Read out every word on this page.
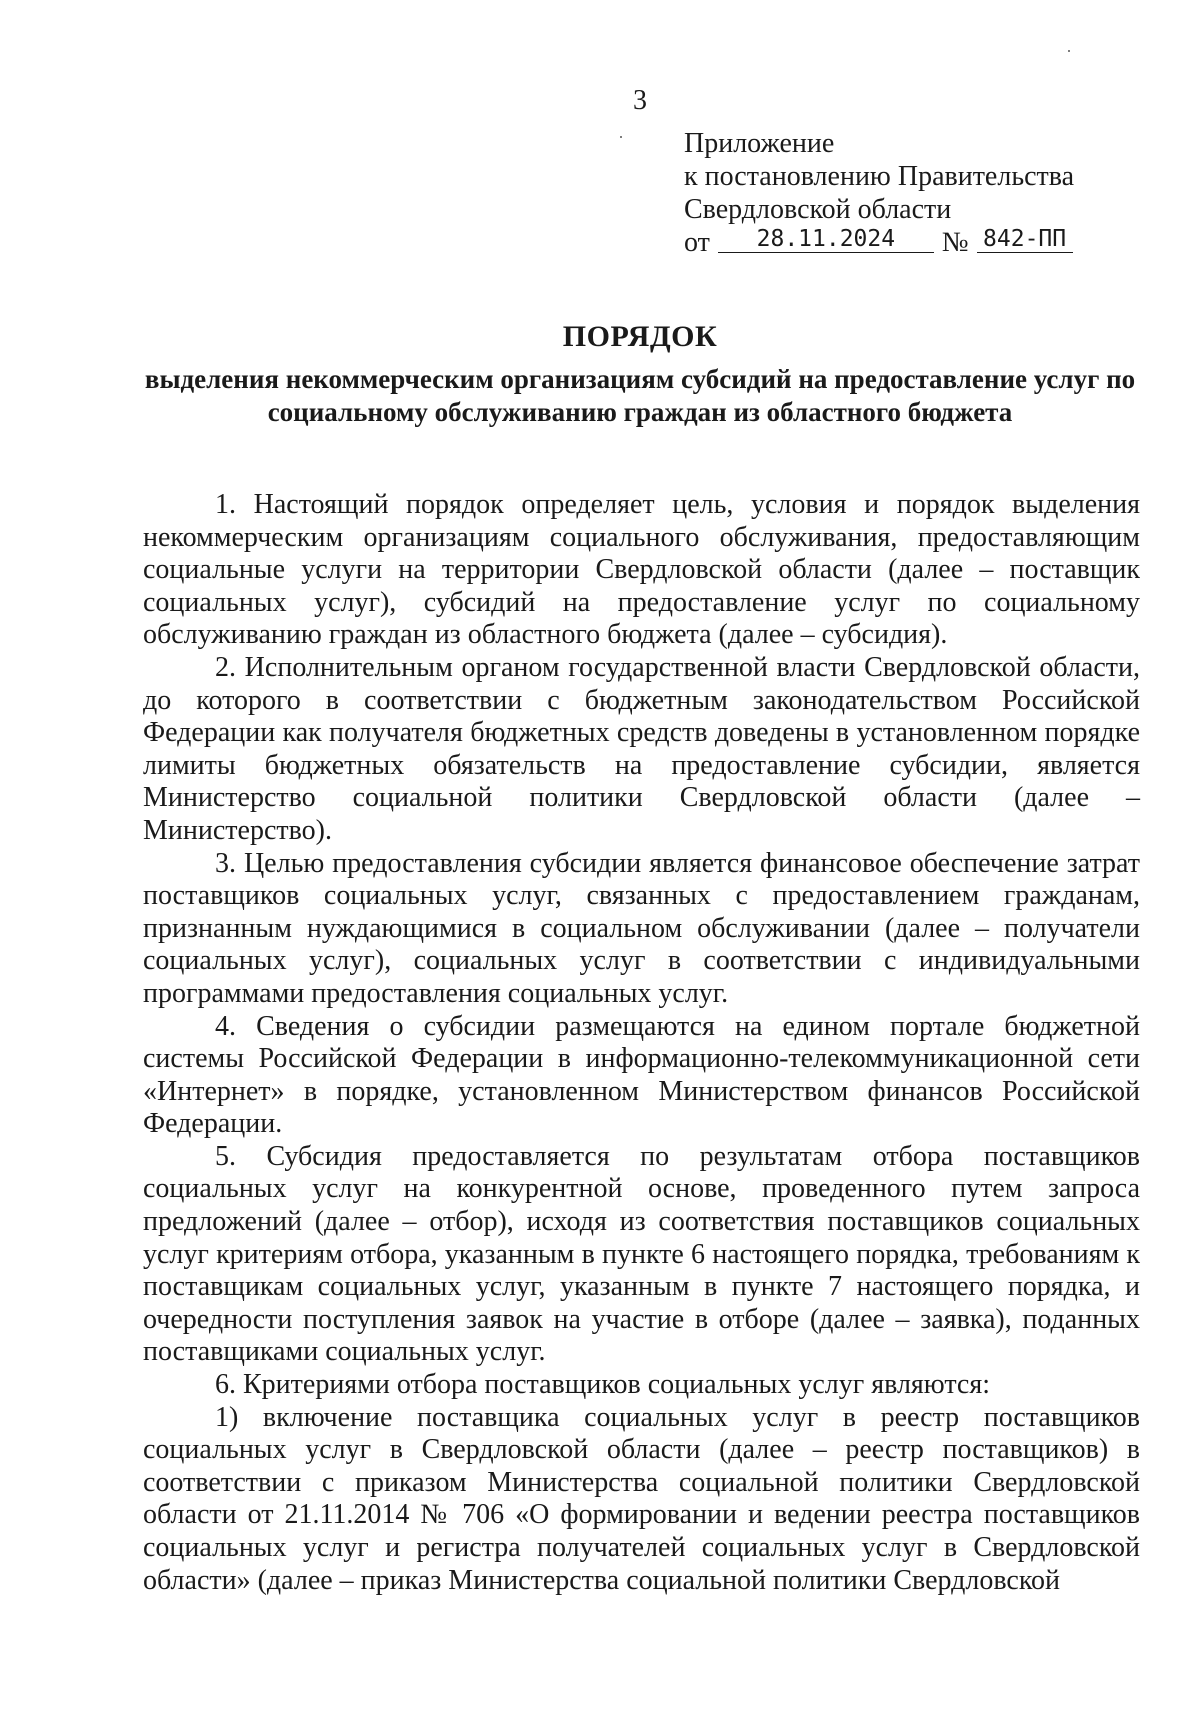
3
Приложение
к постановлению Правительства
Свердловской области
от	28.11.2024	№ 842-ПП
ПОРЯДОК
выделения некоммерческим организациям субсидий на предоставление услуг по социальному обслуживанию граждан из областного бюджета

1. Настоящий порядок определяет цель, условия и порядок выделения некоммерческим организациям социального обслуживания, предоставляющим социальные услуги на территории Свердловской области (далее – поставщик социальных услуг), субсидий на предоставление услуг по социальному обслуживанию граждан из областного бюджета (далее – субсидия).

2. Исполнительным органом государственной власти Свердловской области, до которого в соответствии с бюджетным законодательством Российской Федерации как получателя бюджетных средств доведены в установленном порядке лимиты бюджетных обязательств на предоставление субсидии, является Министерство социальной политики Свердловской области (далее – Министерство).

3. Целью предоставления субсидии является финансовое обеспечение затрат поставщиков социальных услуг, связанных с предоставлением гражданам, признанным нуждающимися в социальном обслуживании (далее – получатели социальных услуг), социальных услуг в соответствии с индивидуальными программами предоставления социальных услуг.

4. Сведения о субсидии размещаются на едином портале бюджетной системы Российской Федерации в информационно-телекоммуникационной сети «Интернет» в порядке, установленном Министерством финансов Российской Федерации.

5. Субсидия предоставляется по результатам отбора поставщиков социальных услуг на конкурентной основе, проведенного путем запроса предложений (далее – отбор), исходя из соответствия поставщиков социальных услуг критериям отбора, указанным в пункте 6 настоящего порядка, требованиям к поставщикам социальных услуг, указанным в пункте 7 настоящего порядка, и очередности поступления заявок на участие в отборе (далее – заявка), поданных поставщиками социальных услуг.

6. Критериями отбора поставщиков социальных услуг являются:

1) включение поставщика социальных услуг в реестр поставщиков социальных услуг в Свердловской области (далее – реестр поставщиков) в соответствии с приказом Министерства социальной политики Свердловской области от 21.11.2014 № 706 «О формировании и ведении реестра поставщиков социальных услуг и регистра получателей социальных услуг в Свердловской области» (далее – приказ Министерства социальной политики Свердловской
